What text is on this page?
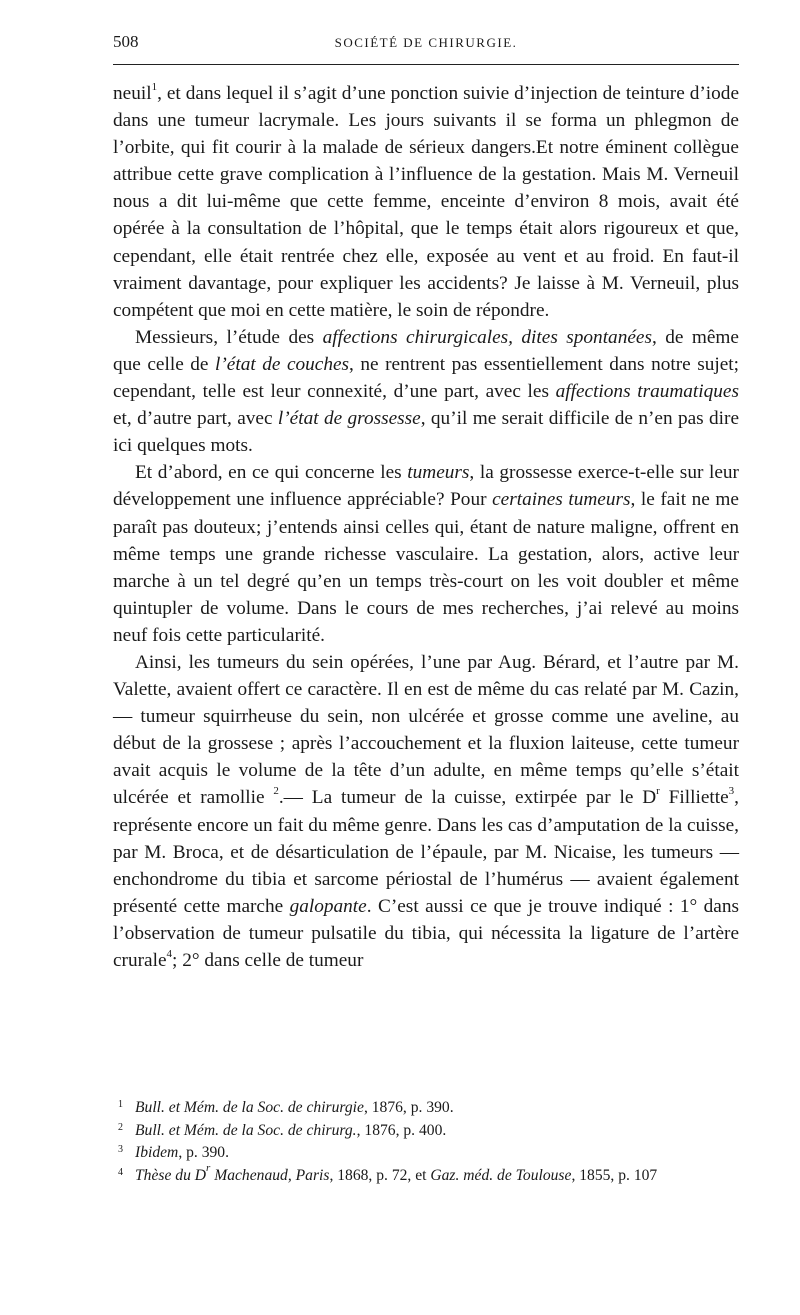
508	SOCIÉTÉ DE CHIRURGIE.

neuil$^1$, et dans lequel il s’agit d’une ponction suivie d’injection de teinture d’iode dans une tumeur lacrymale. Les jours suivants il se forma un phlegmon de l’orbite, qui fit courir à la malade de sérieux dangers.Et notre éminent collègue attribue cette grave complication à l’influence de la gestation. Mais M. Verneuil nous a dit lui-même que cette femme, enceinte d’environ 8 mois, avait été opérée à la consultation de l’hôpital, que le temps était alors rigoureux et que, cependant, elle était rentrée chez elle, exposée au vent et au froid. En faut-il vraiment davantage, pour expliquer les accidents? Je laisse à M. Verneuil, plus compétent que moi en cette matière, le soin de répondre.

Messieurs, l’étude des affections chirurgicales, dites spontanées, de même que celle de l’état de couches, ne rentrent pas essentiellement dans notre sujet; cependant, telle est leur connexité, d’une part, avec les affections traumatiques et, d’autre part, avec l’état de grossesse, qu’il me serait difficile de n’en pas dire ici quelques mots.

Et d’abord, en ce qui concerne les tumeurs, la grossesse exerce-t-elle sur leur développement une influence appréciable? Pour certaines tumeurs, le fait ne me paraît pas douteux; j’entends ainsi celles qui, étant de nature maligne, offrent en même temps une grande richesse vasculaire. La gestation, alors, active leur marche à un tel degré qu’en un temps très-court on les voit doubler et même quintupler de volume. Dans le cours de mes recherches, j’ai relevé au moins neuf fois cette particularité.

Ainsi, les tumeurs du sein opérées, l’une par Aug. Bérard, et l’autre par M. Valette, avaient offert ce caractère. Il en est de même du cas relaté par M. Cazin, — tumeur squirrheuse du sein, non ulcérée et grosse comme une aveline, au début de la grossese ; après l’accouchement et la fluxion laiteuse, cette tumeur avait acquis le volume de la tête d’un adulte, en même temps qu’elle s’était ulcérée et ramollie $^2$.— La tumeur de la cuisse, extirpée par le $D^r$ Filliette$^3$, représente encore un fait du même genre. Dans les cas d’amputation de la cuisse, par M. Broca, et de désarticulation de l’épaule, par M. Nicaise, les tumeurs — enchondrome du tibia et sarcome périostal de l’humérus — avaient également présenté cette marche galopante. C’est aussi ce que je trouve indiqué : 1° dans l’observation de tumeur pulsatile du tibia, qui nécessita la ligature de l’artère crurale$^4$; 2° dans celle de tumeur

1 Bull. et Mém. de la Soc. de chirurgie, 1876, p. 390.
2 Bull. et Mém. de la Soc. de chirurg., 1876, p. 400.
3 Ibidem, p. 390.
4 Thèse du $D^r$ Machenaud, Paris, 1868, p. 72, et Gaz. méd. de Toulouse, 1855, p. 107
